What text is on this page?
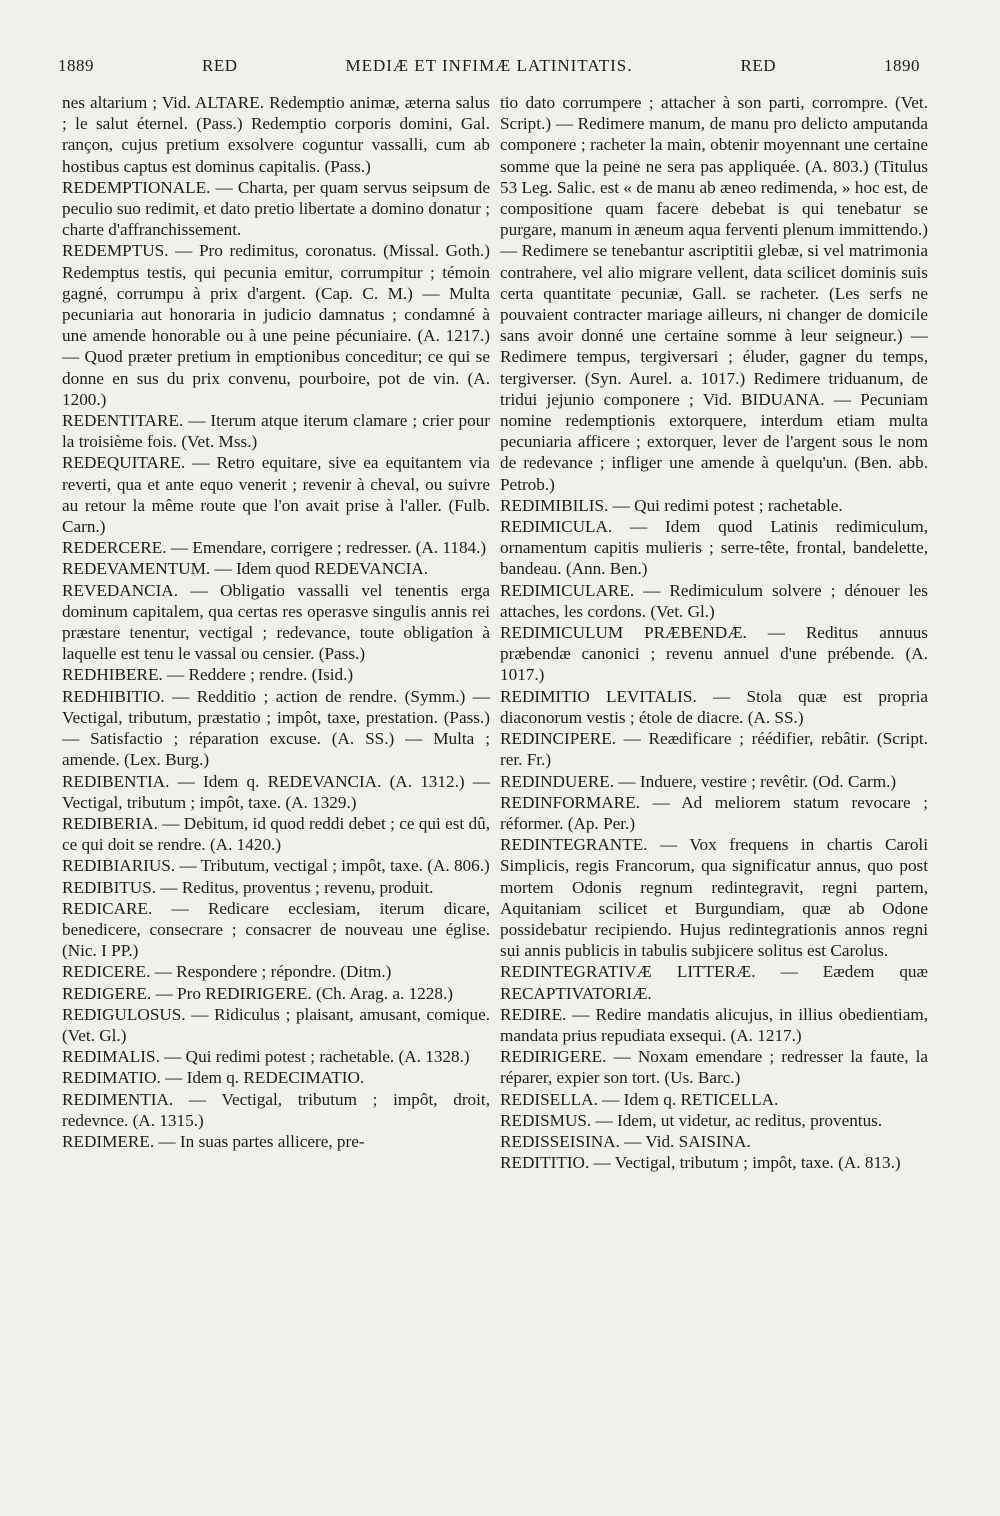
1889	RED	MEDIÆ ET INFIMÆ LATINITATIS.	RED	1890

nes altarium ; Vid. ALTARE. Redemptio animæ, æterna salus ; le salut éternel. (Pass.) Redemptio corporis domini, Gal. rançon, cujus pretium exsolvere coguntur vassalli, cum ab hostibus captus est dominus capitalis. (Pass.)

REDEMPTIONALE. — Charta, per quam servus seipsum de peculio suo redimit, et dato pretio libertate a domino donatur ; charte d'affranchissement.

REDEMPTUS. — Pro redimitus, coronatus. (Missal. Goth.) Redemptus testis, qui pecunia emitur, corrumpitur ; témoin gagné, corrumpu à prix d'argent. (Cap. C. M.) — Multa pecuniaria aut honoraria in judicio damnatus ; condamné à une amende honorable ou à une peine pécuniaire. (A. 1217.) — Quod præter pretium in emptionibus conceditur; ce qui se donne en sus du prix convenu, pourboire, pot de vin. (A. 1200.)

REDENTITARE. — Iterum atque iterum clamare ; crier pour la troisième fois. (Vet. Mss.)

REDEQUITARE. — Retro equitare, sive ea equitantem via reverti, qua et ante equo venerit ; revenir à cheval, ou suivre au retour la même route que l'on avait prise à l'aller. (Fulb. Carn.)

REDERCERE. — Emendare, corrigere ; redresser. (A. 1184.)

REDEVAMENTUM. — Idem quod REDEVANCIA.

REVEDANCIA. — Obligatio vassalli vel tenentis erga dominum capitalem, qua certas res operasve singulis annis rei præstare tenentur, vectigal ; redevance, toute obligation à laquelle est tenu le vassal ou censier. (Pass.)

REDHIBERE. — Reddere ; rendre. (Isid.)

REDHIBITIO. — Redditio ; action de rendre. (Symm.) — Vectigal, tributum, præstatio ; impôt, taxe, prestation. (Pass.) — Satisfactio ; réparation excuse. (A. SS.) — Multa ; amende. (Lex. Burg.)

REDIBENTIA. — Idem q. REDEVANCIA. (A. 1312.) — Vectigal, tributum ; impôt, taxe. (A. 1329.)

REDIBERIA. — Debitum, id quod reddi debet ; ce qui est dû, ce qui doit se rendre. (A. 1420.)

REDIBIARIUS. — Tributum, vectigal ; impôt, taxe. (A. 806.)

REDIBITUS. — Reditus, proventus ; revenu, produit.

REDICARE. — Redicare ecclesiam, iterum dicare, benedicere, consecrare ; consacrer de nouveau une église. (Nic. I PP.)

REDICERE. — Respondere ; répondre. (Ditm.)

REDIGERE. — Pro REDIRIGERE. (Ch. Arag. a. 1228.)

REDIGULOSUS. — Ridiculus ; plaisant, amusant, comique. (Vet. Gl.)

REDIMALIS. — Qui redimi potest ; rachetable. (A. 1328.)

REDIMATIO. — Idem q. REDECIMATIO.

REDIMENTIA. — Vectigal, tributum ; impôt, droit, redevnce. (A. 1315.)

REDIMERE. — In suas partes allicere, pre-

tio dato corrumpere ; attacher à son parti, corrompre. (Vet. Script.) — Redimere manum, de manu pro delicto amputanda componere ; racheter la main, obtenir moyennant une certaine somme que la peine ne sera pas appliquée. (A. 803.) (Titulus 53 Leg. Salic. est « de manu ab æneo redimenda, » hoc est, de compositione quam facere debebat is qui tenebatur se purgare, manum in æneum aqua ferventi plenum immittendo.) — Redimere se tenebantur ascriptitii glebæ, si vel matrimonia contrahere, vel alio migrare vellent, data scilicet dominis suis certa quantitate pecuniæ, Gall. se racheter. (Les serfs ne pouvaient contracter mariage ailleurs, ni changer de domicile sans avoir donné une certaine somme à leur seigneur.) — Redimere tempus, tergiversari ; éluder, gagner du temps, tergiverser. (Syn. Aurel. a. 1017.) Redimere triduanum, de tridui jejunio componere ; Vid. BIDUANA. — Pecuniam nomine redemptionis extorquere, interdum etiam multa pecuniaria afficere ; extorquer, lever de l'argent sous le nom de redevance ; infliger une amende à quelqu'un. (Ben. abb. Petrob.)

REDIMIBILIS. — Qui redimi potest ; rachetable.

REDIMICULA. — Idem quod Latinis redimiculum, ornamentum capitis mulieris ; serre-tête, frontal, bandelette, bandeau. (Ann. Ben.)

REDIMICULARE. — Redimiculum solvere ; dénouer les attaches, les cordons. (Vet. Gl.)

REDIMICULUM PRÆBENDÆ. — Reditus annuus præbendæ canonici ; revenu annuel d'une prébende. (A. 1017.)

REDIMITIO LEVITALIS. — Stola quæ est propria diaconorum vestis ; étole de diacre. (A. SS.)

REDINCIPERE. — Reædificare ; réédifier, rebâtir. (Script. rer. Fr.)

REDINDUERE. — Induere, vestire ; revêtir. (Od. Carm.)

REDINFORMARE. — Ad meliorem statum revocare ; réformer. (Ap. Per.)

REDINTEGRANTE. — Vox frequens in chartis Caroli Simplicis, regis Francorum, qua significatur annus, quo post mortem Odonis regnum redintegravit, regni partem, Aquitaniam scilicet et Burgundiam, quæ ab Odone possidebatur recipiendo. Hujus redintegrationis annos regni sui annis publicis in tabulis subjicere solitus est Carolus.

REDINTEGRATIVÆ LITTERÆ. — Eædem quæ RECAPTIVATORIÆ.

REDIRE. — Redire mandatis alicujus, in illius obedientiam, mandata prius repudiata exsequi. (A. 1217.)

REDIRIGERE. — Noxam emendare ; redresser la faute, la réparer, expier son tort. (Us. Barc.)

REDISELLA. — Idem q. RETICELLA.

REDISMUS. — Idem, ut videtur, ac reditus, proventus.

REDISSEISINA. — Vid. SAISINA.

REDITITIO. — Vectigal, tributum ; impôt, taxe. (A. 813.)
